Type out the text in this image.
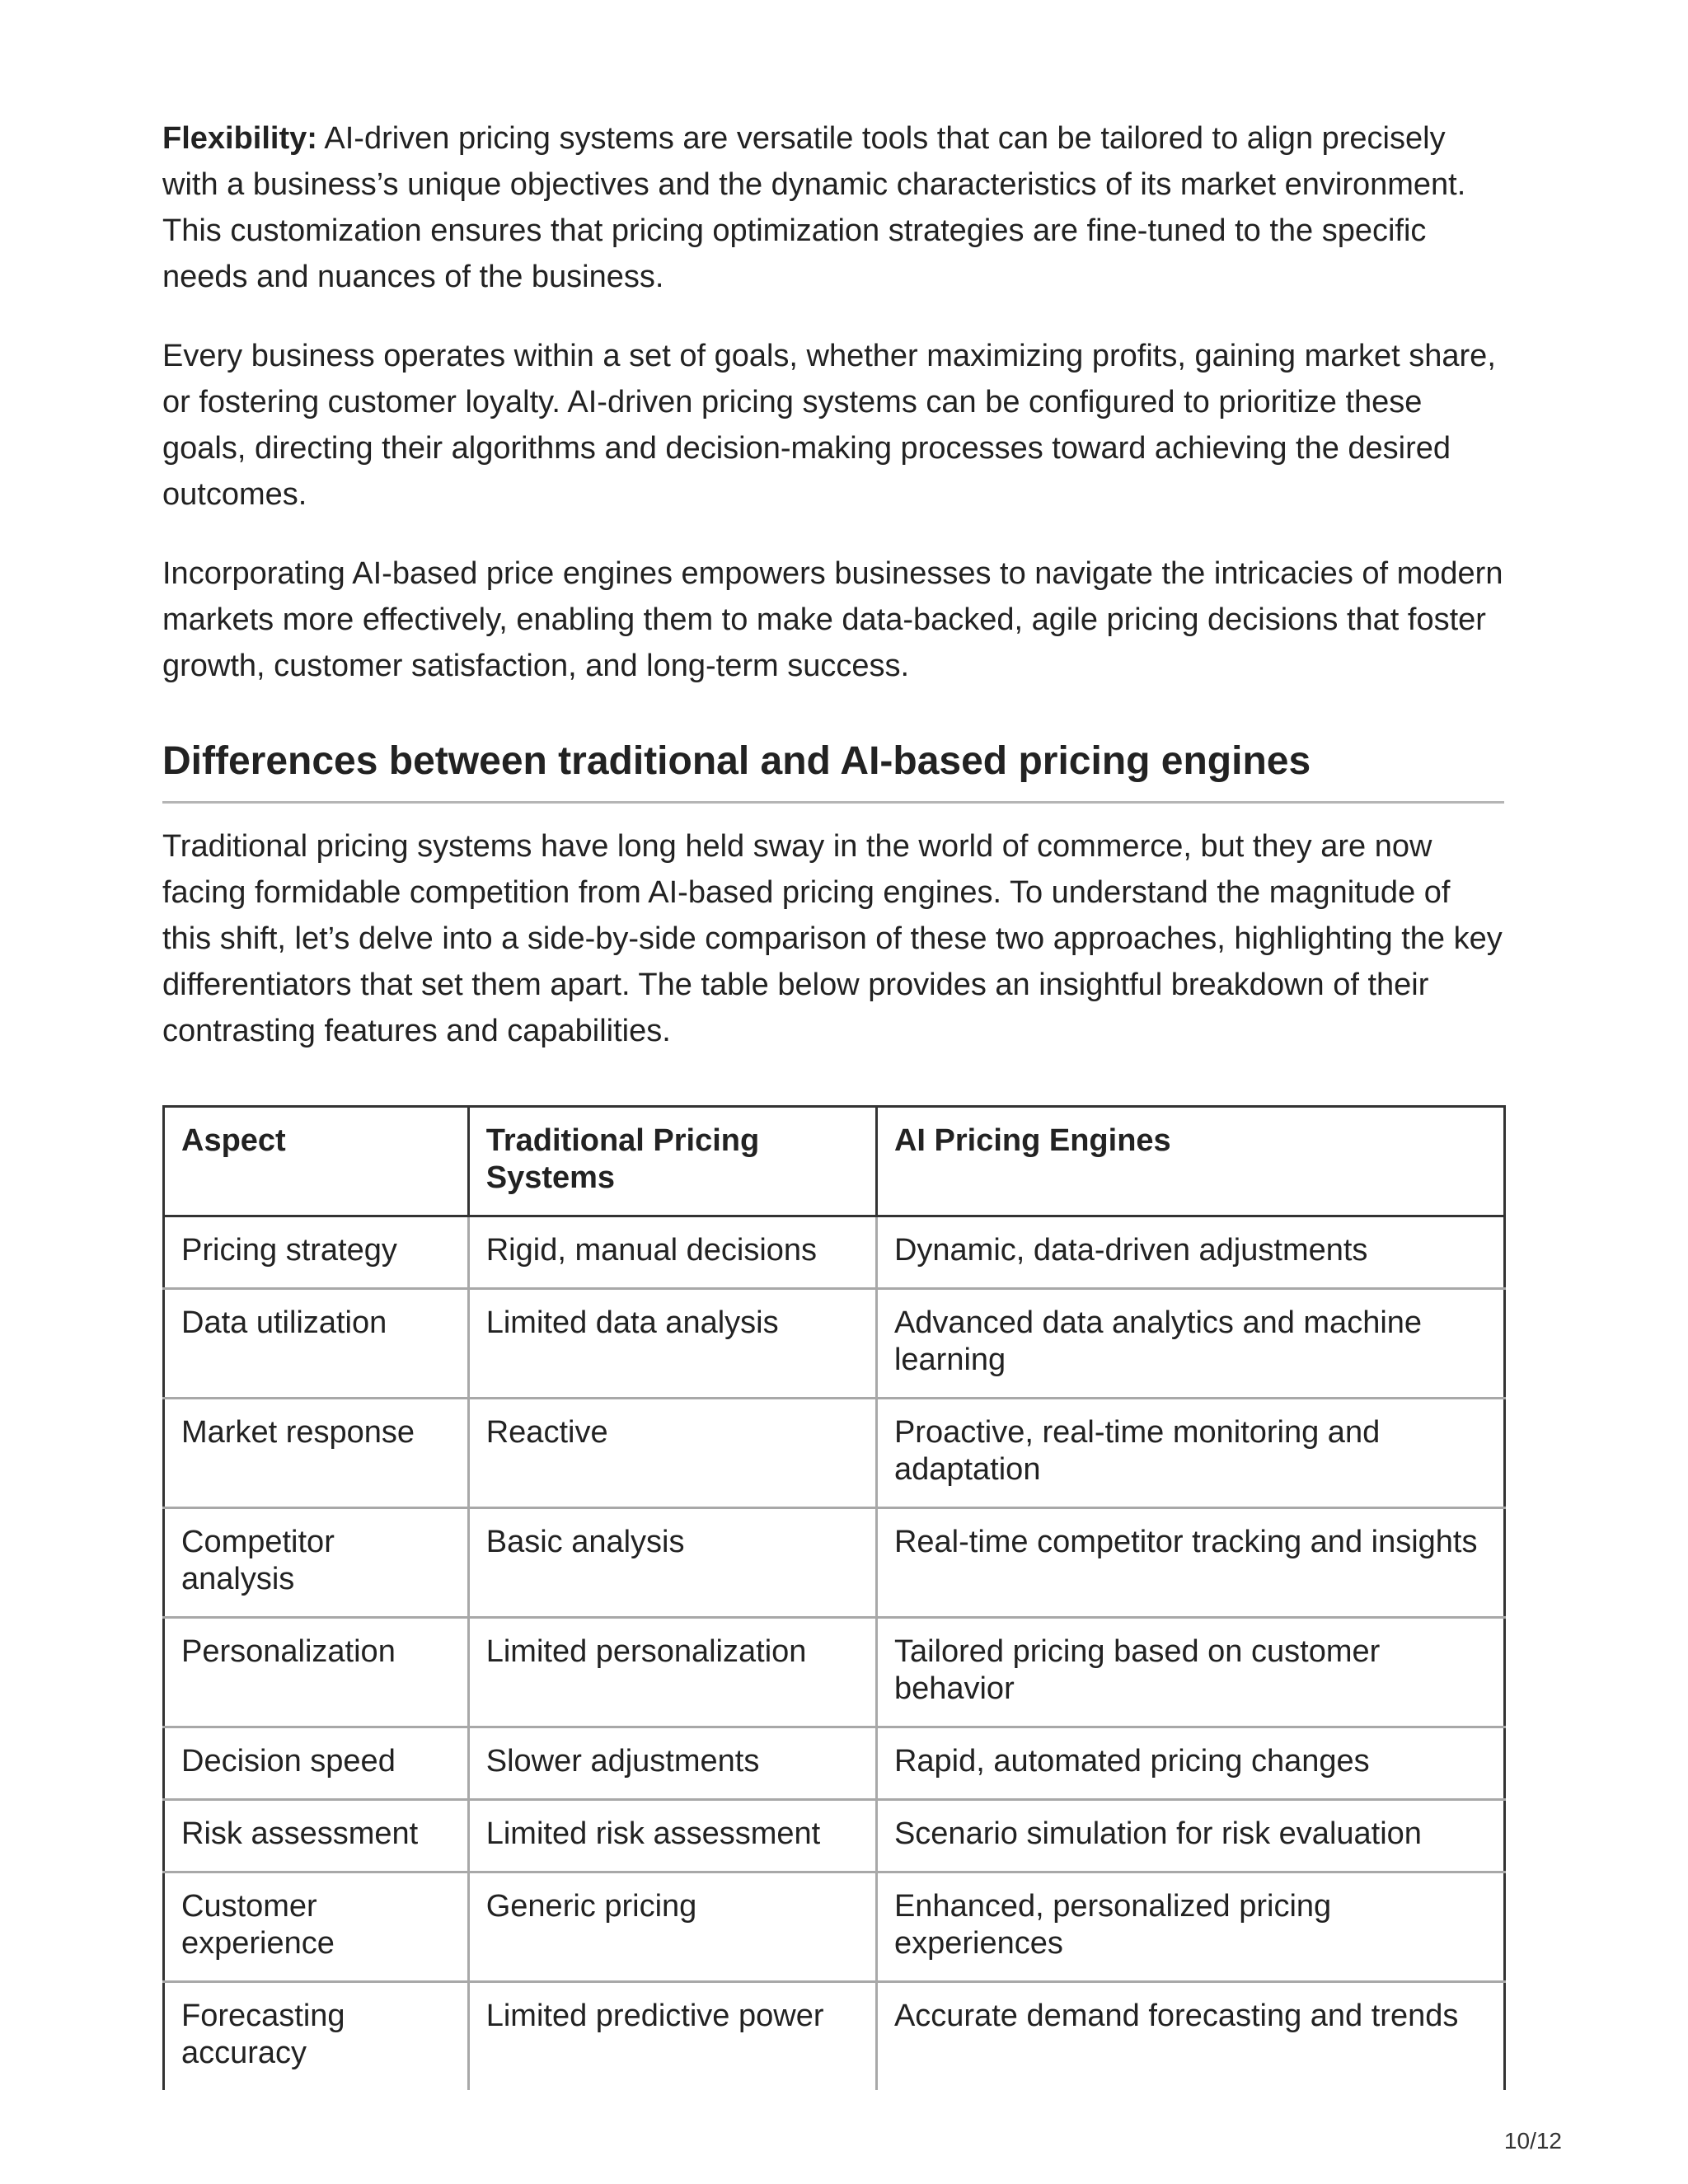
Flexibility: AI-driven pricing systems are versatile tools that can be tailored to align precisely with a business’s unique objectives and the dynamic characteristics of its market environment. This customization ensures that pricing optimization strategies are fine-tuned to the specific needs and nuances of the business.

Every business operates within a set of goals, whether maximizing profits, gaining market share, or fostering customer loyalty. AI-driven pricing systems can be configured to prioritize these goals, directing their algorithms and decision-making processes toward achieving the desired outcomes.

Incorporating AI-based price engines empowers businesses to navigate the intricacies of modern markets more effectively, enabling them to make data-backed, agile pricing decisions that foster growth, customer satisfaction, and long-term success.

Differences between traditional and AI-based pricing engines

Traditional pricing systems have long held sway in the world of commerce, but they are now facing formidable competition from AI-based pricing engines. To understand the magnitude of this shift, let’s delve into a side-by-side comparison of these two approaches, highlighting the key differentiators that set them apart. The table below provides an insightful breakdown of their contrasting features and capabilities.

Aspect	Traditional Pricing Systems	AI Pricing Engines
Pricing strategy	Rigid, manual decisions	Dynamic, data-driven adjustments
Data utilization	Limited data analysis	Advanced data analytics and machine learning
Market response	Reactive	Proactive, real-time monitoring and adaptation
Competitor analysis	Basic analysis	Real-time competitor tracking and insights
Personalization	Limited personalization	Tailored pricing based on customer behavior
Decision speed	Slower adjustments	Rapid, automated pricing changes
Risk assessment	Limited risk assessment	Scenario simulation for risk evaluation
Customer experience	Generic pricing	Enhanced, personalized pricing experiences
Forecasting accuracy	Limited predictive power	Accurate demand forecasting and trends
10/12
